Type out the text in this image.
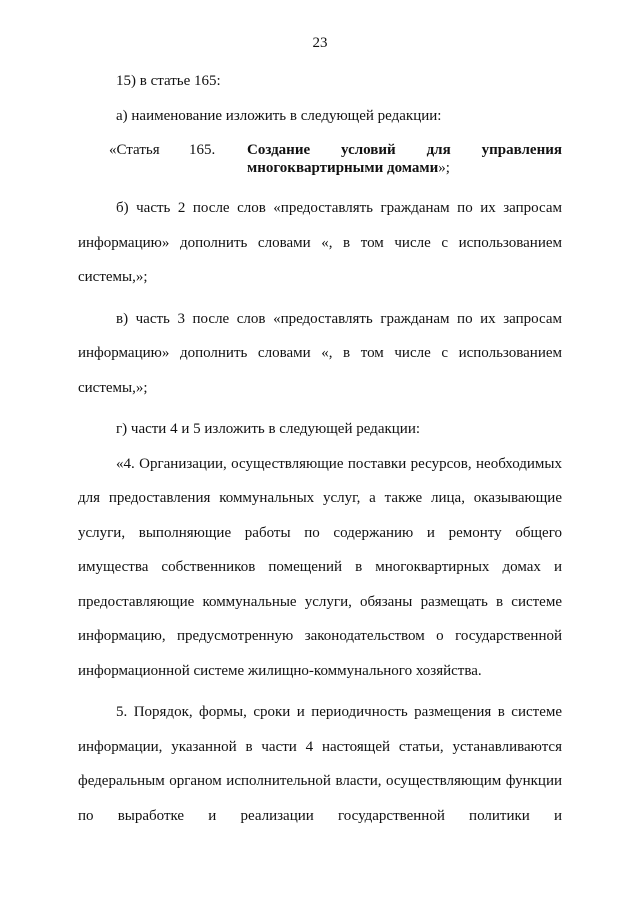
23

15) в статье 165:

а) наименование изложить в следующей редакции:

«Статья 165. Создание условий для управления
многоквартирными домами»;

б) часть 2 после слов «предоставлять гражданам по их запросам информацию» дополнить словами «, в том числе с использованием системы,»;

в) часть 3 после слов «предоставлять гражданам по их запросам информацию» дополнить словами «, в том числе с использованием системы,»;

г) части 4 и 5 изложить в следующей редакции:

«4. Организации, осуществляющие поставки ресурсов, необходимых для предоставления коммунальных услуг, а также лица, оказывающие услуги, выполняющие работы по содержанию и ремонту общего имущества собственников помещений в многоквартирных домах и предоставляющие коммунальные услуги, обязаны размещать в системе информацию, предусмотренную законодательством о государственной информационной системе жилищно-коммунального хозяйства.

5. Порядок, формы, сроки и периодичность размещения в системе информации, указанной в части 4 настоящей статьи, устанавливаются федеральным органом исполнительной власти, осуществляющим функции по выработке и реализации государственной политики и
